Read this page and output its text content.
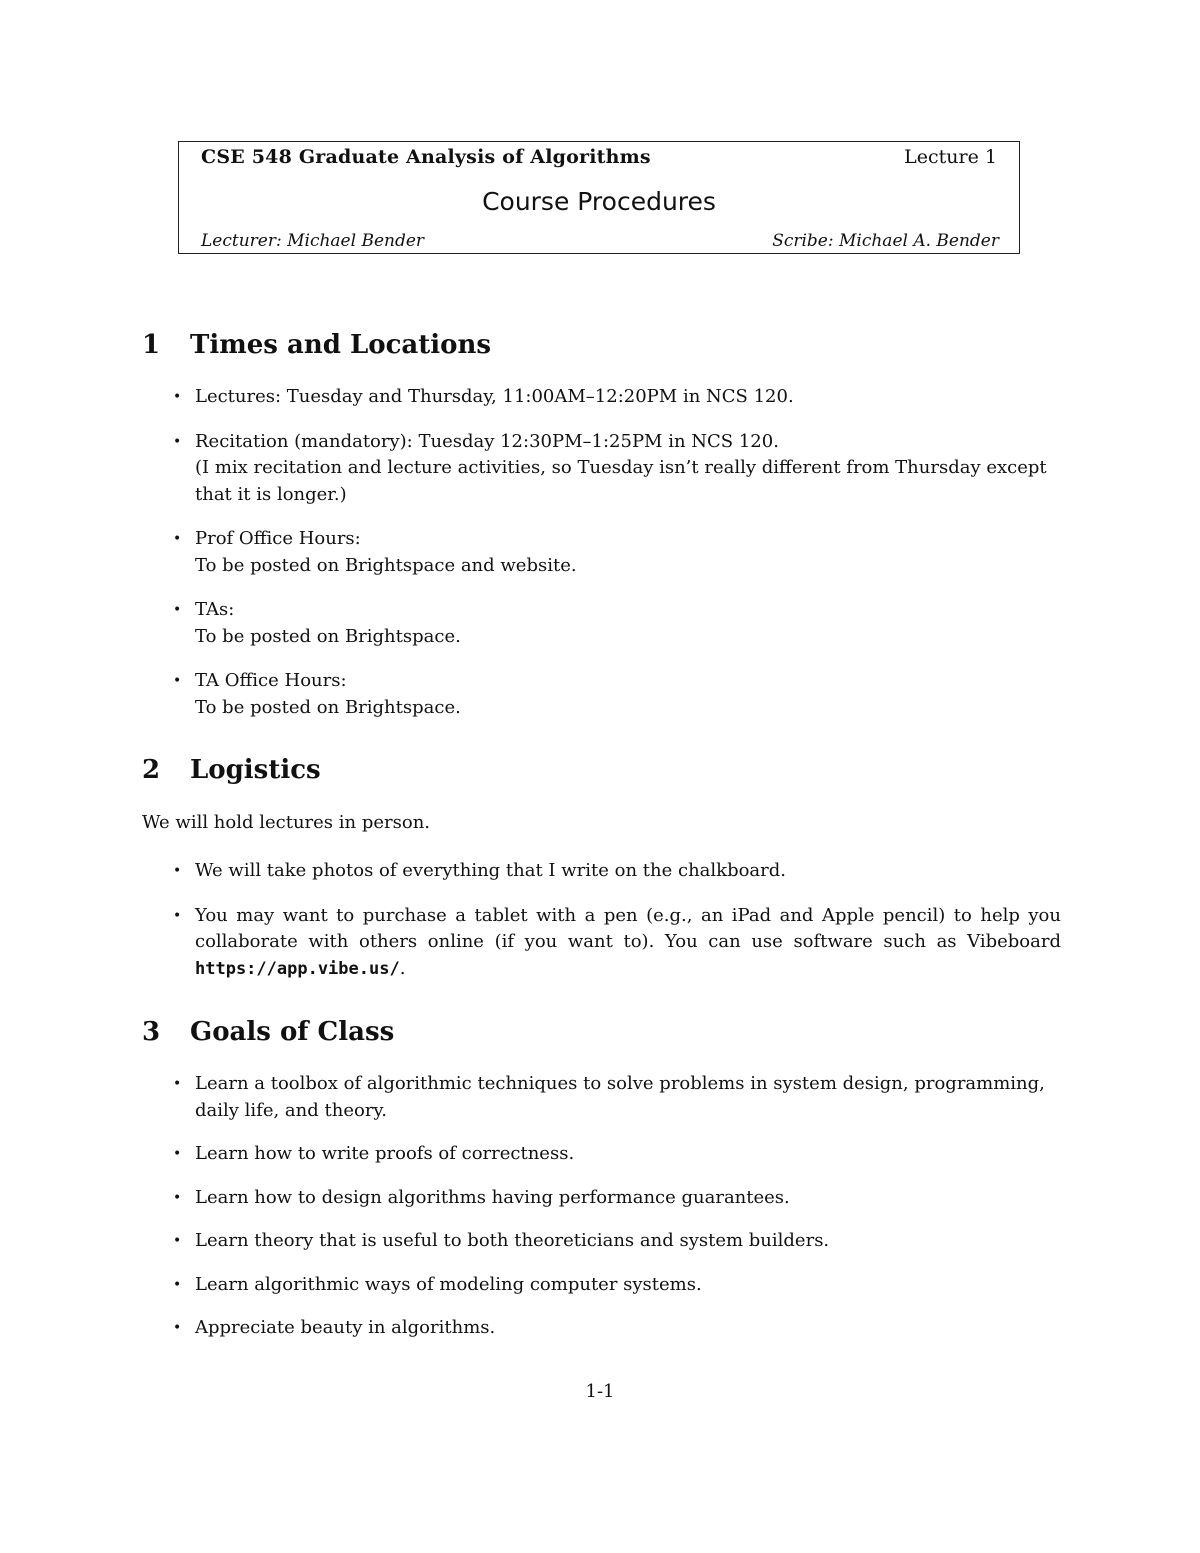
CSE 548 Graduate Analysis of Algorithms	Lecture 1
Course Procedures
Lecturer: Michael Bender	Scribe: Michael A. Bender
1	Times and Locations
• Lectures: Tuesday and Thursday, 11:00AM–12:20PM in NCS 120.
• Recitation (mandatory): Tuesday 12:30PM–1:25PM in NCS 120.
(I mix recitation and lecture activities, so Tuesday isn’t really different from Thursday except that it is longer.)
• Prof Office Hours:
To be posted on Brightspace and website.
• TAs:
To be posted on Brightspace.
• TA Office Hours:
To be posted on Brightspace.
2	Logistics
We will hold lectures in person.
• We will take photos of everything that I write on the chalkboard.
• You may want to purchase a tablet with a pen (e.g., an iPad and Apple pencil) to help you collaborate with others online (if you want to). You can use software such as Vibeboard https://app.vibe.us/.
3	Goals of Class
• Learn a toolbox of algorithmic techniques to solve problems in system design, programming, daily life, and theory.
• Learn how to write proofs of correctness.
• Learn how to design algorithms having performance guarantees.
• Learn theory that is useful to both theoreticians and system builders.
• Learn algorithmic ways of modeling computer systems.
• Appreciate beauty in algorithms.
1-1
